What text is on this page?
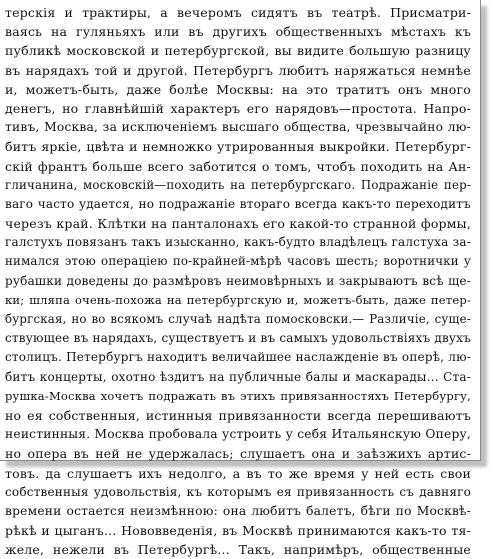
терскія и трактиры, а вечеромъ сидятъ въ театрѣ. Присматри-
ваясь на гуляньяхъ или въ другихъ общественныхъ мѣстахъ къ
публикѣ московской и петербургской, вы видите большую разницу
въ нарядахъ той и другой. Петербургъ любитъ наряжаться немнѣе
и, можетъ-быть, даже болѣе Москвы: на это тратитъ онъ много
денегъ, но главнѣйшій характеръ его нарядовъ—простота. Напро-
тивъ, Москва, за исключеніемъ высшаго общества, чрезвычайно лю-
битъ яркіе, цвѣта и немножко утрированныя выкройки. Петербург-
скій франтъ больше всего заботится о томъ, чтобъ походить на Ан-
гличанина, московскій—походить на петербургскаго. Подражаніе пер-
ваго часто удается, но подражаніе втораго всегда какъ-то переходитъ
черезъ край. Клѣтки на панталонахъ его какой-то странной формы,
галстухъ повязанъ такъ изысканно, какъ-будто владѣлецъ галстуха за-
нимался этою операціею по-крайней-мѣрѣ часовъ шесть; воротнички у
рубашки доведены до размѣровъ неимовѣрныхъ и закрываютъ всѣ ще-
ки; шляпа очень-похожа на петербургскую и, можетъ-быть, даже петер-
бургская, но во всякомъ случаѣ надѣта помосковски.— Различіе, суще-
ствующее въ нарядахъ, существуетъ и въ самыхъ удовольствіяхъ двухъ
столицъ. Петербургъ находитъ величайшее наслажденіе въ оперѣ, лю-
битъ концерты, охотно ѣздитъ на публичные балы и маскарады... Ста-
рушка-Москва хочетъ подражать въ этихъ привязанностяхъ Петербургу,
но ея собственныя, истинныя привязанности всегда перешиваютъ
неистинныя. Москва пробовала устроить у себя Итальянскую Оперу,
но опера въ ней не удержалась; слушаетъ она и заѣзжихъ артис-
товъ. да слушаетъ ихъ недолго, а въ то же время у ней есть свои
собственныя удовольствія, къ которымъ ея привязанность съ давняго
времени остается неизмѣнною: она любитъ балетъ, бѣги по Москвѣ-
рѣкѣ и цыганъ... Нововведенія, въ Москвѣ принимаются какъ-то тя-
желе, нежели въ Петербургѣ... Такъ, напримѣръ, общественные
